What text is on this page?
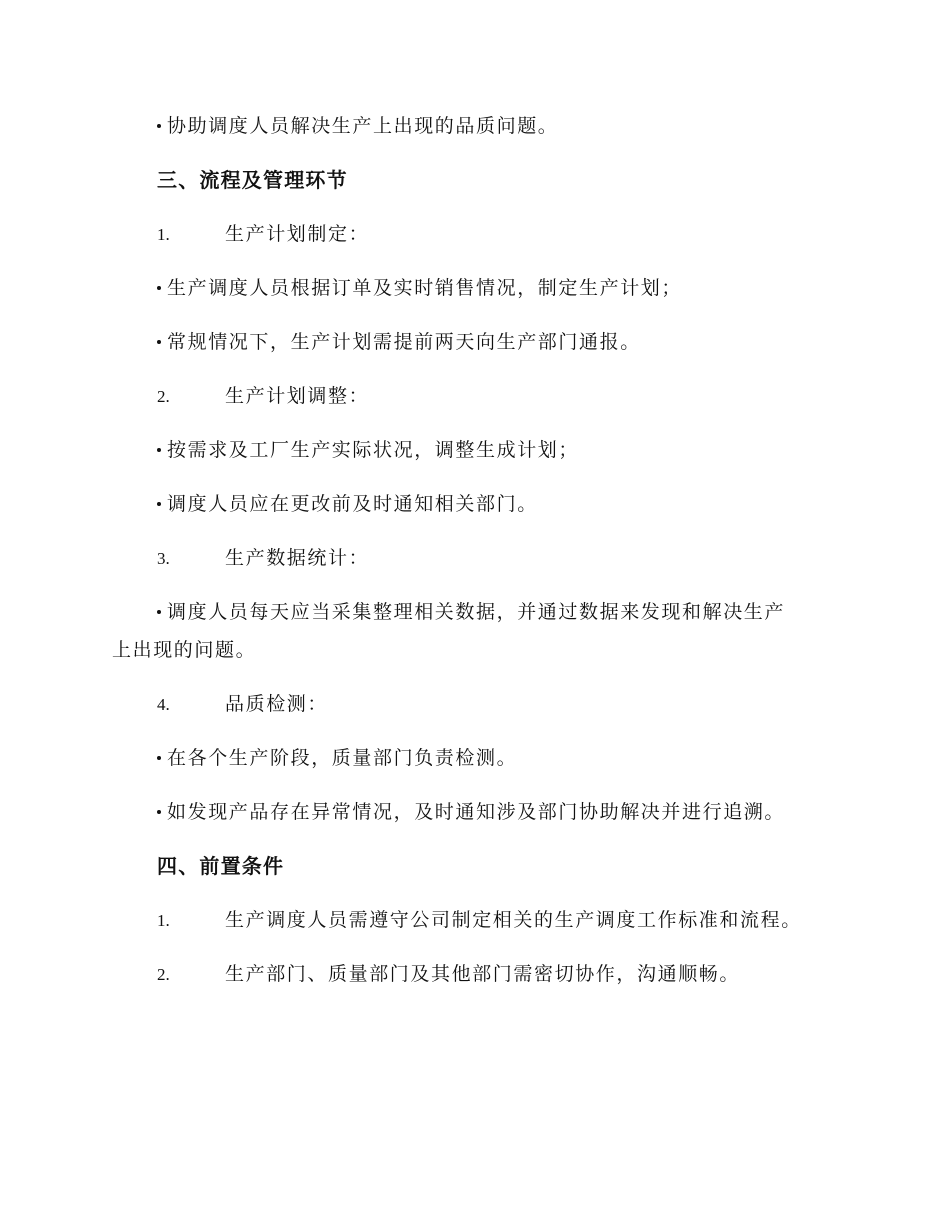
协助调度人员解决生产上出现的品质问题。
三、流程及管理环节
1.	生产计划制定：
生产调度人员根据订单及实时销售情况，制定生产计划；
常规情况下，生产计划需提前两天向生产部门通报。
2.	生产计划调整：
按需求及工厂生产实际状况，调整生成计划；
调度人员应在更改前及时通知相关部门。
3.	生产数据统计：
调度人员每天应当采集整理相关数据，并通过数据来发现和解决生产
上出现的问题。
4.	品质检测：
在各个生产阶段，质量部门负责检测。
如发现产品存在异常情况，及时通知涉及部门协助解决并进行追溯。
四、前置条件
1.	生产调度人员需遵守公司制定相关的生产调度工作标准和流程。
2.	生产部门、质量部门及其他部门需密切协作，沟通顺畅。
